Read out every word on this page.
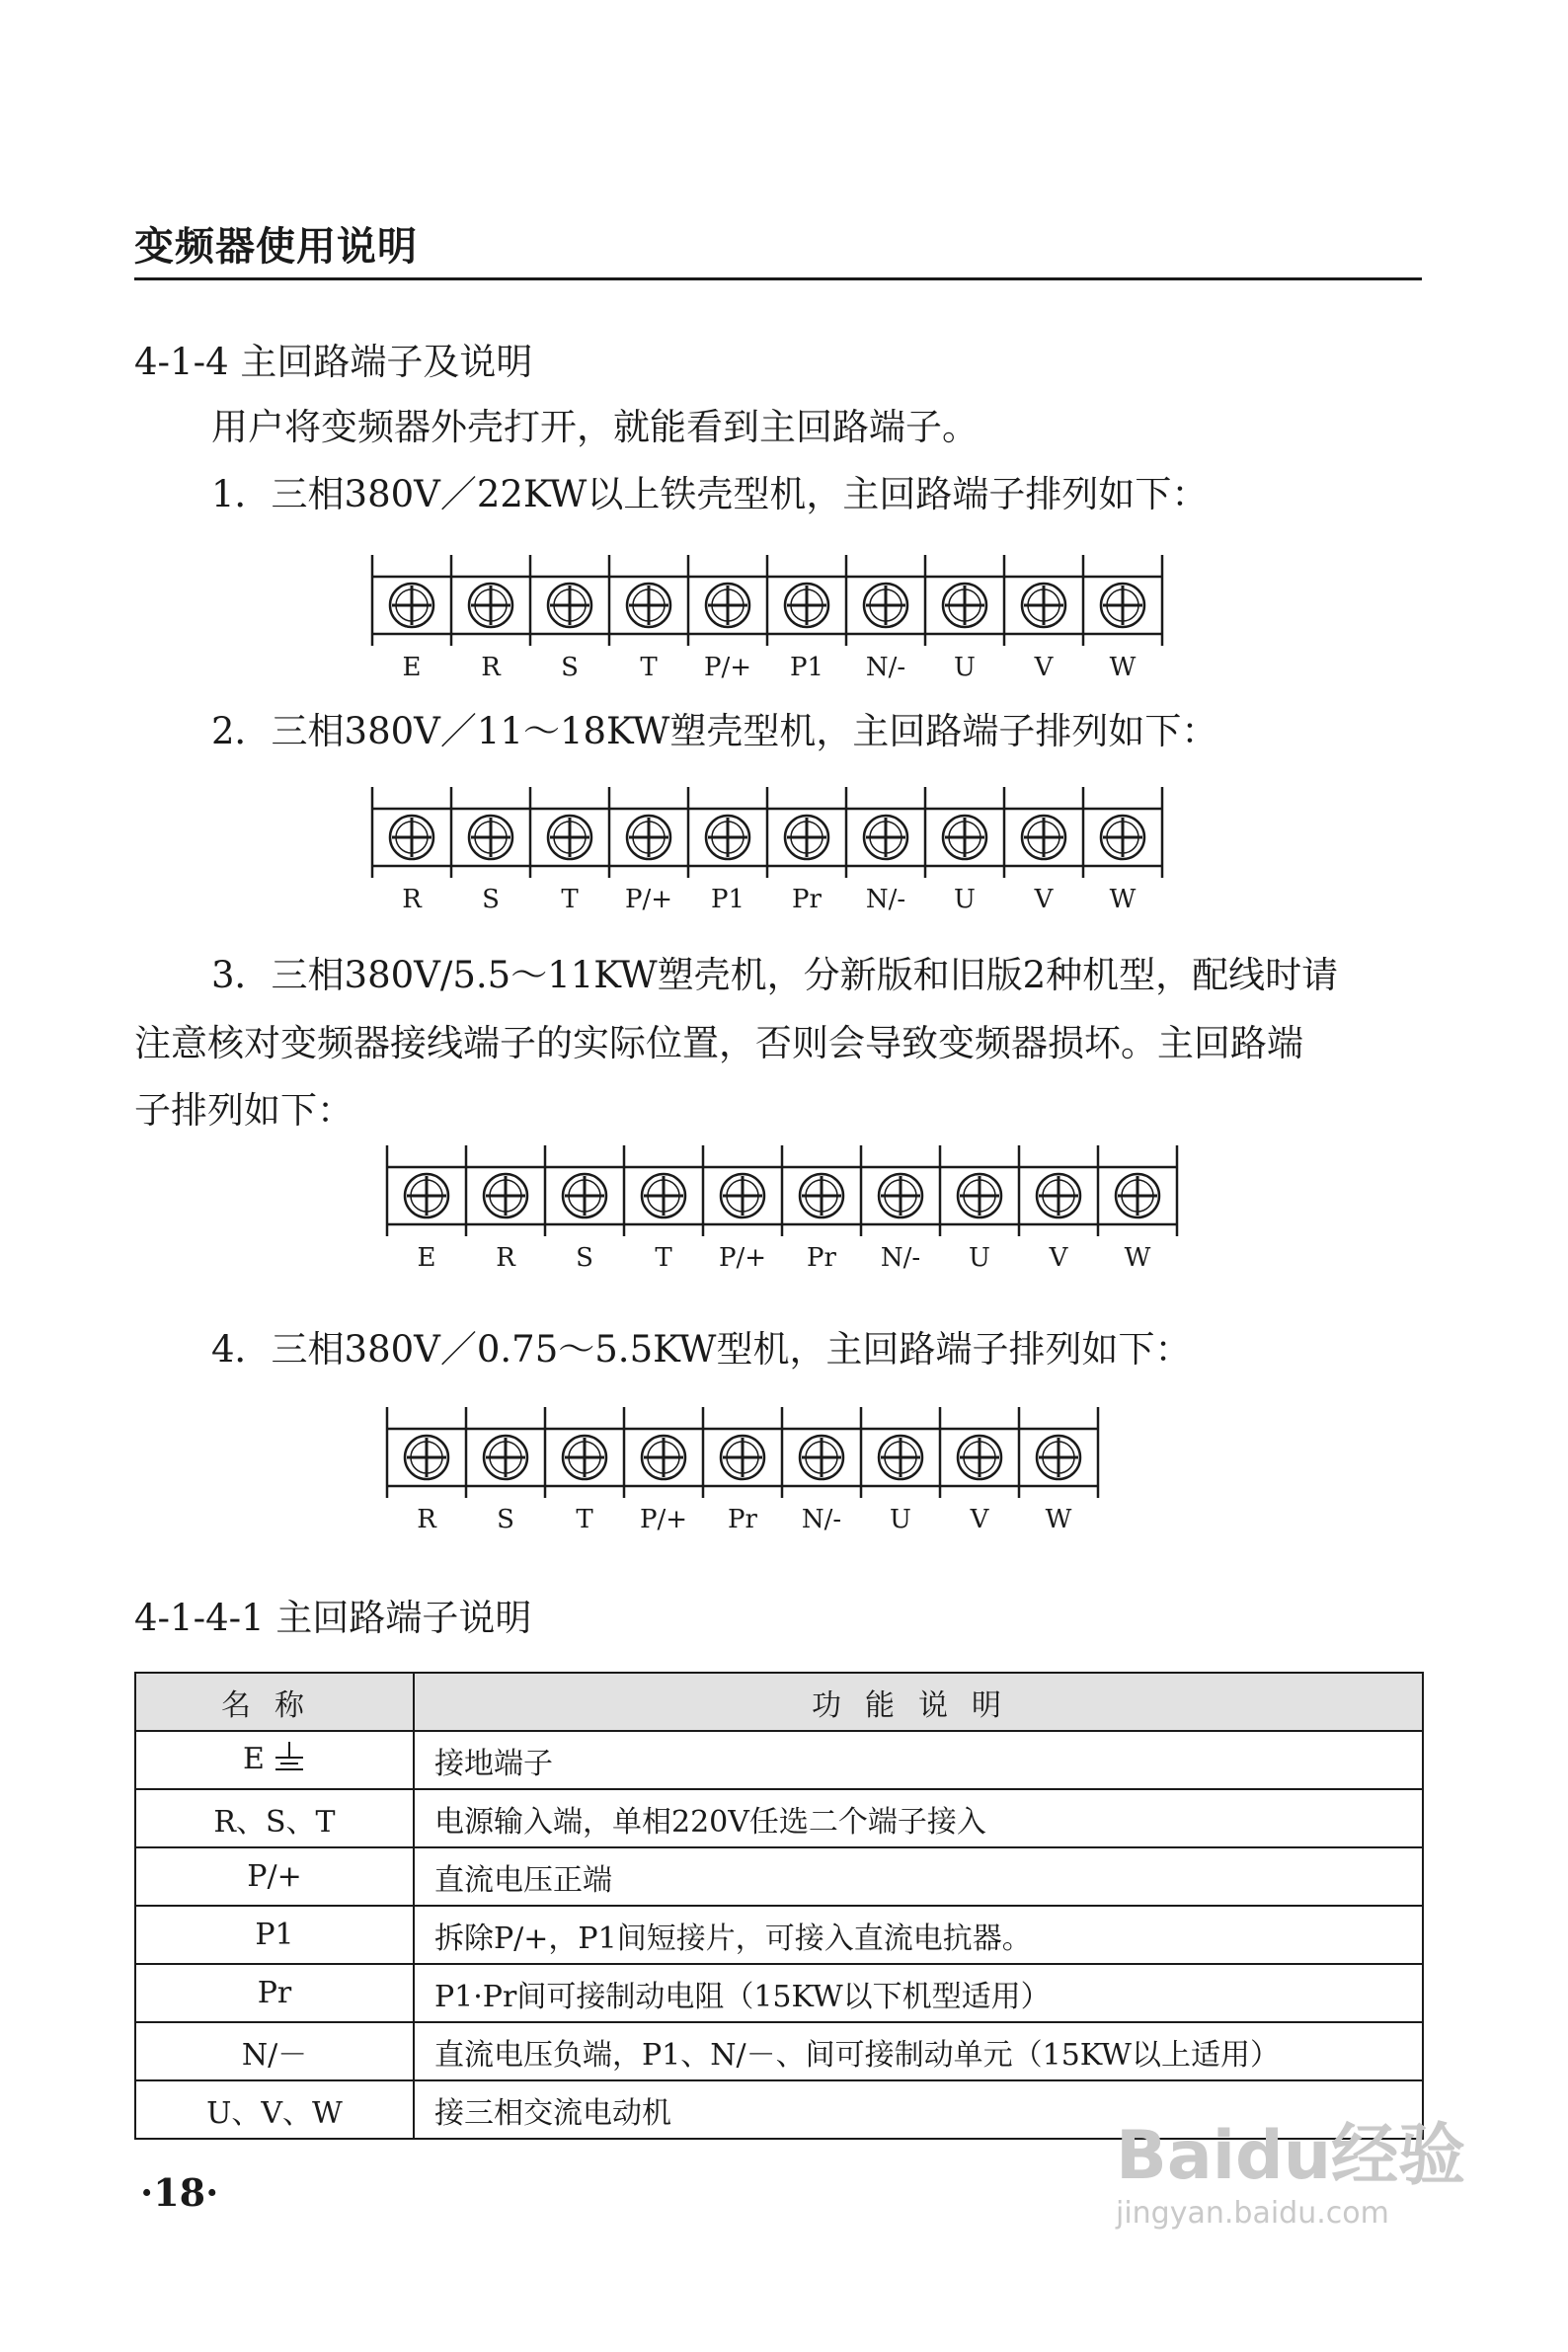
变频器使用说明
4-1-4 主回路端子及说明
用户将变频器外壳打开，就能看到主回路端子。
1．三相380V／22KW以上铁壳型机，主回路端子排列如下：
E R S T P/+ P1 N/- U V W
2．三相380V／11～18KW塑壳型机，主回路端子排列如下：
R S T P/+ P1 Pr N/- U V W
3．三相380V/5.5～11KW塑壳机，分新版和旧版2种机型，配线时请
注意核对变频器接线端子的实际位置，否则会导致变频器损坏。主回路端
子排列如下：
E R S T P/+ Pr N/- U V W
4．三相380V／0.75～5.5KW型机，主回路端子排列如下：
R S T P/+ Pr N/- U V W
4-1-4-1 主回路端子说明
名称	功能说明
E	接地端子
R、S、T	电源输入端，单相220V任选二个端子接入
P/+	直流电压正端
P1	拆除P/+，P1间短接片，可接入直流电抗器。
Pr	P1·Pr间可接制动电阻（15KW以下机型适用）
N/－	直流电压负端，P1、N/－、间可接制动单元（15KW以上适用）
U、V、W	接三相交流电动机
·18·	Baidu经验
jingyan.baidu.com
